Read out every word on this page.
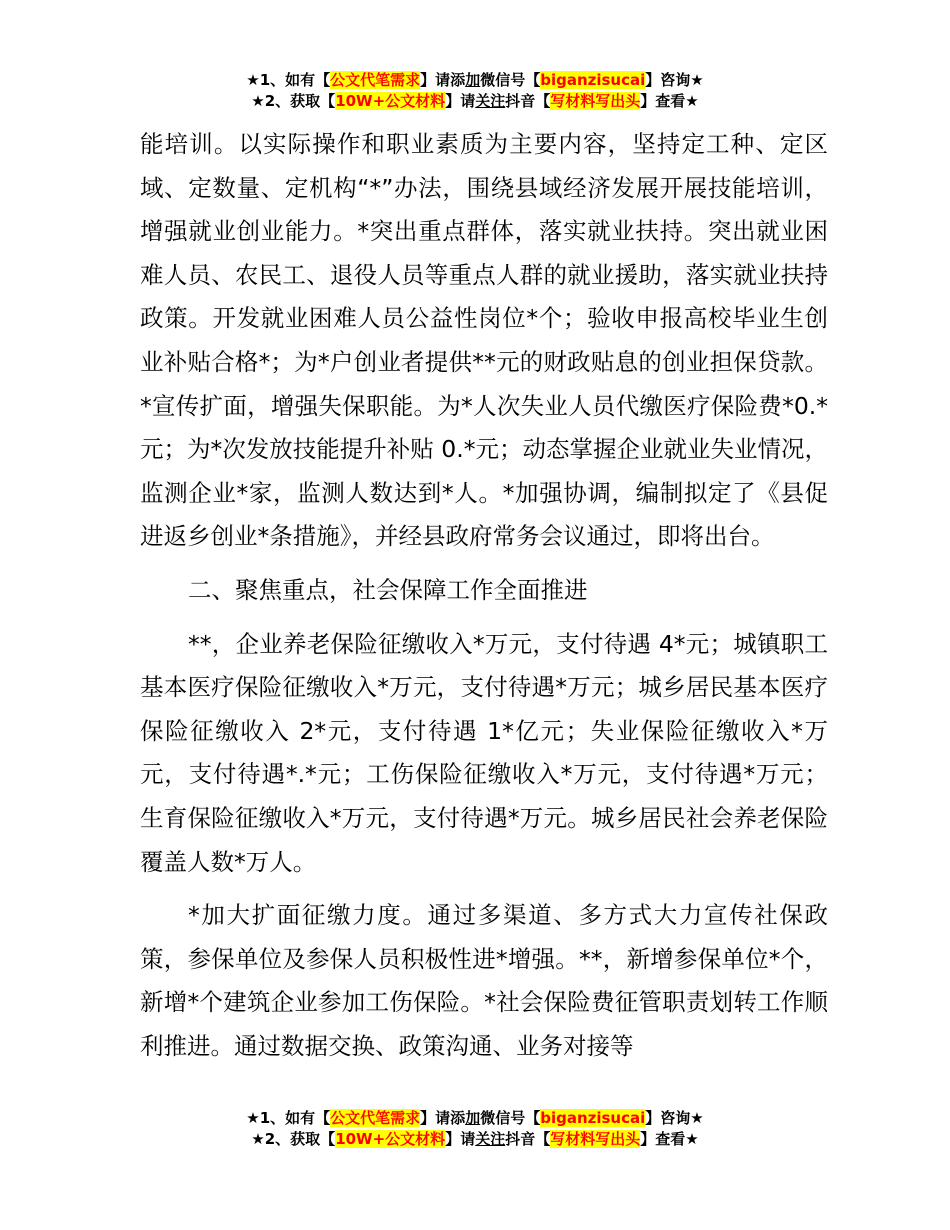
★1、如有【公文代笔需求】请添加微信号【biganzisucai】咨询★
★2、获取【10W+公文材料】请关注抖音【写材料写出头】查看★

能培训。以实际操作和职业素质为主要内容，坚持定工种、定区域、定数量、定机构“*”办法，围绕县域经济发展开展技能培训，增强就业创业能力。*突出重点群体，落实就业扶持。突出就业困难人员、农民工、退役人员等重点人群的就业援助，落实就业扶持政策。开发就业困难人员公益性岗位*个；验收申报高校毕业生创业补贴合格*；为*户创业者提供**元的财政贴息的创业担保贷款。*宣传扩面，增强失保职能。为*人次失业人员代缴医疗保险费*0.*元；为*次发放技能提升补贴 0.*元；动态掌握企业就业失业情况，监测企业*家，监测人数达到*人。*加强协调，编制拟定了《县促进返乡创业*条措施》，并经县政府常务会议通过，即将出台。

二、聚焦重点，社会保障工作全面推进

**，企业养老保险征缴收入*万元，支付待遇 4*元；城镇职工基本医疗保险征缴收入*万元，支付待遇*万元；城乡居民基本医疗保险征缴收入 2*元，支付待遇 1*亿元；失业保险征缴收入*万元，支付待遇*.*元；工伤保险征缴收入*万元，支付待遇*万元；生育保险征缴收入*万元，支付待遇*万元。城乡居民社会养老保险覆盖人数*万人。

*加大扩面征缴力度。通过多渠道、多方式大力宣传社保政策，参保单位及参保人员积极性进*增强。**，新增参保单位*个，新增*个建筑企业参加工伤保险。*社会保险费征管职责划转工作顺利推进。通过数据交换、政策沟通、业务对接等

★1、如有【公文代笔需求】请添加微信号【biganzisucai】咨询★
★2、获取【10W+公文材料】请关注抖音【写材料写出头】查看★
